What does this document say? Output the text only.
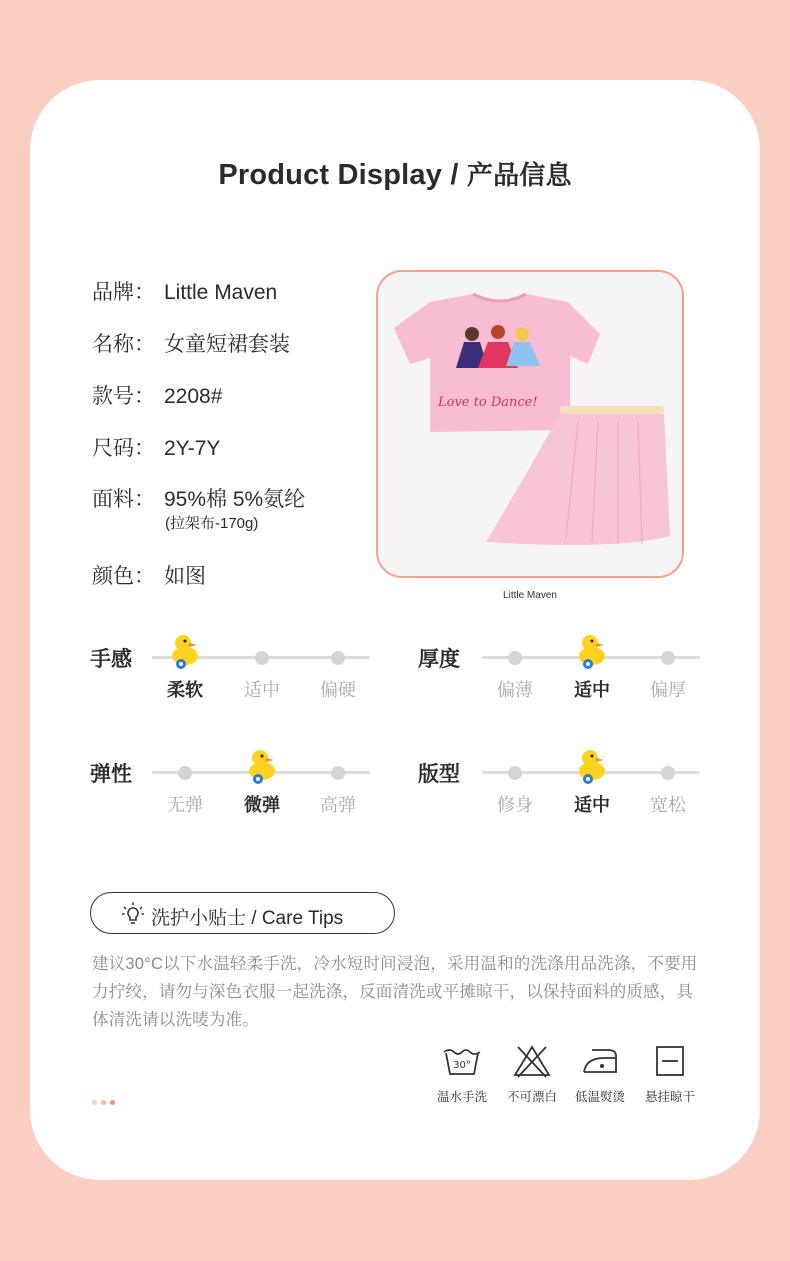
Product Display / 产品信息
品牌： Little Maven
名称： 女童短裙套装
款号： 2208#
尺码： 2Y-7Y
面料： 95%棉 5%氨纶
(拉架布-170g)
颜色： 如图
Love to Dance!
Little Maven
手感
柔软	适中	偏硬
厚度
偏薄	适中	偏厚
弹性
无弹	微弹	高弹
版型
修身	适中	宽松
洗护小贴士 / Care Tips

建议30°C以下水温轻柔手洗，冷水短时间浸泡，采用温和的洗涤用品洗涤，不要用力拧绞，请勿与深色衣服一起洗涤，反面清洗或平摊晾干，以保持面料的质感，具体清洗请以洗唛为准。

30°
温水手洗	不可漂白	低温熨烫	悬挂晾干
